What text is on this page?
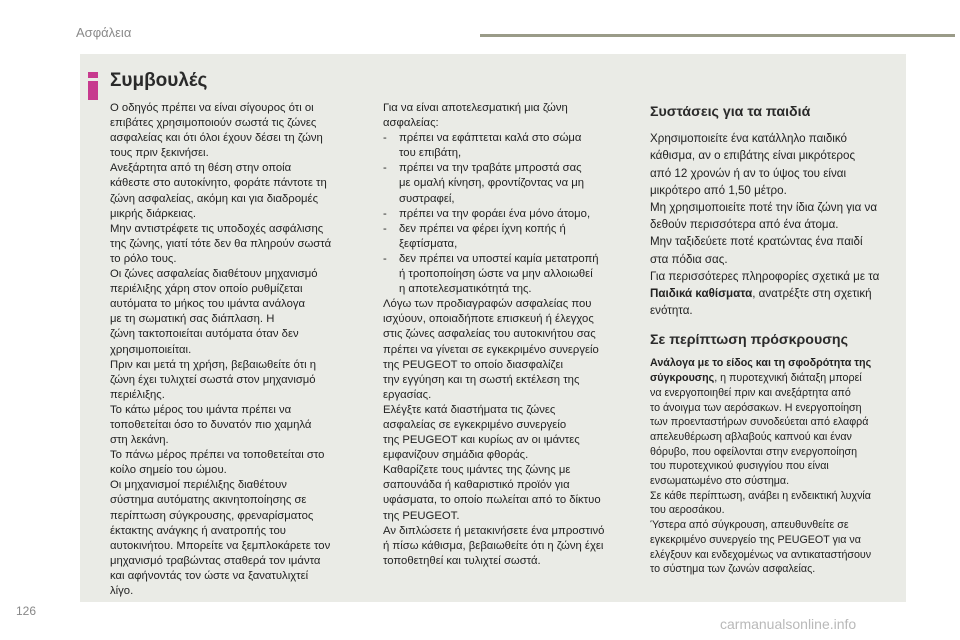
Ασφάλεια
Συμβουλές

Ο οδηγός πρέπει να είναι σίγουρος ότι οι

επιβάτες χρησιμοποιούν σωστά τις ζώνες

ασφαλείας και ότι όλοι έχουν δέσει τη ζώνη

τους πριν ξεκινήσει.

Ανεξάρτητα από τη θέση στην οποία

κάθεστε στο αυτοκίνητο, φοράτε πάντοτε τη

ζώνη ασφαλείας, ακόμη και για διαδρομές

μικρής διάρκειας.

Μην αντιστρέφετε τις υποδοχές ασφάλισης

της ζώνης, γιατί τότε δεν θα πληρούν σωστά

το ρόλο τους.

Οι ζώνες ασφαλείας διαθέτουν μηχανισμό

περιέλιξης χάρη στον οποίο ρυθμίζεται

αυτόματα το μήκος του ιμάντα ανάλογα

με τη σωματική σας διάπλαση. Η

ζώνη τακτοποιείται αυτόματα όταν δεν

χρησιμοποιείται.

Πριν και μετά τη χρήση, βεβαιωθείτε ότι η

ζώνη έχει τυλιχτεί σωστά στον μηχανισμό

περιέλιξης.

Το κάτω μέρος του ιμάντα πρέπει να

τοποθετείται όσο το δυνατόν πιο χαμηλά

στη λεκάνη.

Το πάνω μέρος πρέπει να τοποθετείται στο

κοίλο σημείο του ώμου.

Οι μηχανισμοί περιέλιξης διαθέτουν

σύστημα αυτόματης ακινητοποίησης σε

περίπτωση σύγκρουσης, φρεναρίσματος

έκτακτης ανάγκης ή ανατροπής του

αυτοκινήτου. Μπορείτε να ξεμπλοκάρετε τον

μηχανισμό τραβώντας σταθερά τον ιμάντα

και αφήνοντάς τον ώστε να ξανατυλιχτεί

λίγο.

Για να είναι αποτελεσματική μια ζώνη

ασφαλείας:

-	πρέπει να εφάπτεται καλά στο σώμα

του επιβάτη,

-	πρέπει να την τραβάτε μπροστά σας

με ομαλή κίνηση, φροντίζοντας να μη

συστραφεί,

-	πρέπει να την φοράει ένα μόνο άτομο,

-	δεν πρέπει να φέρει ίχνη κοπής ή

ξεφτίσματα,

-	δεν πρέπει να υποστεί καμία μετατροπή

ή τροποποίηση ώστε να μην αλλοιωθεί

η αποτελεσματικότητά της.

Λόγω των προδιαγραφών ασφαλείας που

ισχύουν, οποιαδήποτε επισκευή ή έλεγχος

στις ζώνες ασφαλείας του αυτοκινήτου σας

πρέπει να γίνεται σε εγκεκριμένο συνεργείο

της PEUGEOT το οποίο διασφαλίζει

την εγγύηση και τη σωστή εκτέλεση της

εργασίας.

Ελέγξτε κατά διαστήματα τις ζώνες

ασφαλείας σε εγκεκριμένο συνεργείο

της PEUGEOT και κυρίως αν οι ιμάντες

εμφανίζουν σημάδια φθοράς.

Καθαρίζετε τους ιμάντες της ζώνης με

σαπουνάδα ή καθαριστικό προϊόν για

υφάσματα, το οποίο πωλείται από το δίκτυο

της PEUGEOT.

Αν διπλώσετε ή μετακινήσετε ένα μπροστινό

ή πίσω κάθισμα, βεβαιωθείτε ότι η ζώνη έχει

τοποθετηθεί και τυλιχτεί σωστά.

Συστάσεις για τα παιδιά

Χρησιμοποιείτε ένα κατάλληλο παιδικό

κάθισμα, αν ο επιβάτης είναι μικρότερος

από 12 χρονών ή αν το ύψος του είναι

μικρότερο από 1,50 μέτρο.

Μη χρησιμοποιείτε ποτέ την ίδια ζώνη για να

δεθούν περισσότερα από ένα άτομα.

Μην ταξιδεύετε ποτέ κρατώντας ένα παιδί

στα πόδια σας.

Για περισσότερες πληροφορίες σχετικά με τα

Παιδικά καθίσματα, ανατρέξτε στη σχετική

ενότητα.

Σε περίπτωση πρόσκρουσης

Ανάλογα με το είδος και τη σφοδρότητα της

σύγκρουσης, η πυροτεχνική διάταξη μπορεί

να ενεργοποιηθεί πριν και ανεξάρτητα από

το άνοιγμα των αερόσακων. Η ενεργοποίηση

των προενταστήρων συνοδεύεται από ελαφρά

απελευθέρωση αβλαβούς καπνού και έναν

θόρυβο, που οφείλονται στην ενεργοποίηση

του πυροτεχνικού φυσιγγίου που είναι

ενσωματωμένο στο σύστημα.

Σε κάθε περίπτωση, ανάβει η ενδεικτική λυχνία

του αεροσάκου.

Ύστερα από σύγκρουση, απευθυνθείτε σε

εγκεκριμένο συνεργείο της PEUGEOT για να

ελέγξουν και ενδεχομένως να αντικαταστήσουν

το σύστημα των ζωνών ασφαλείας.

126
carmanualsonline.info
